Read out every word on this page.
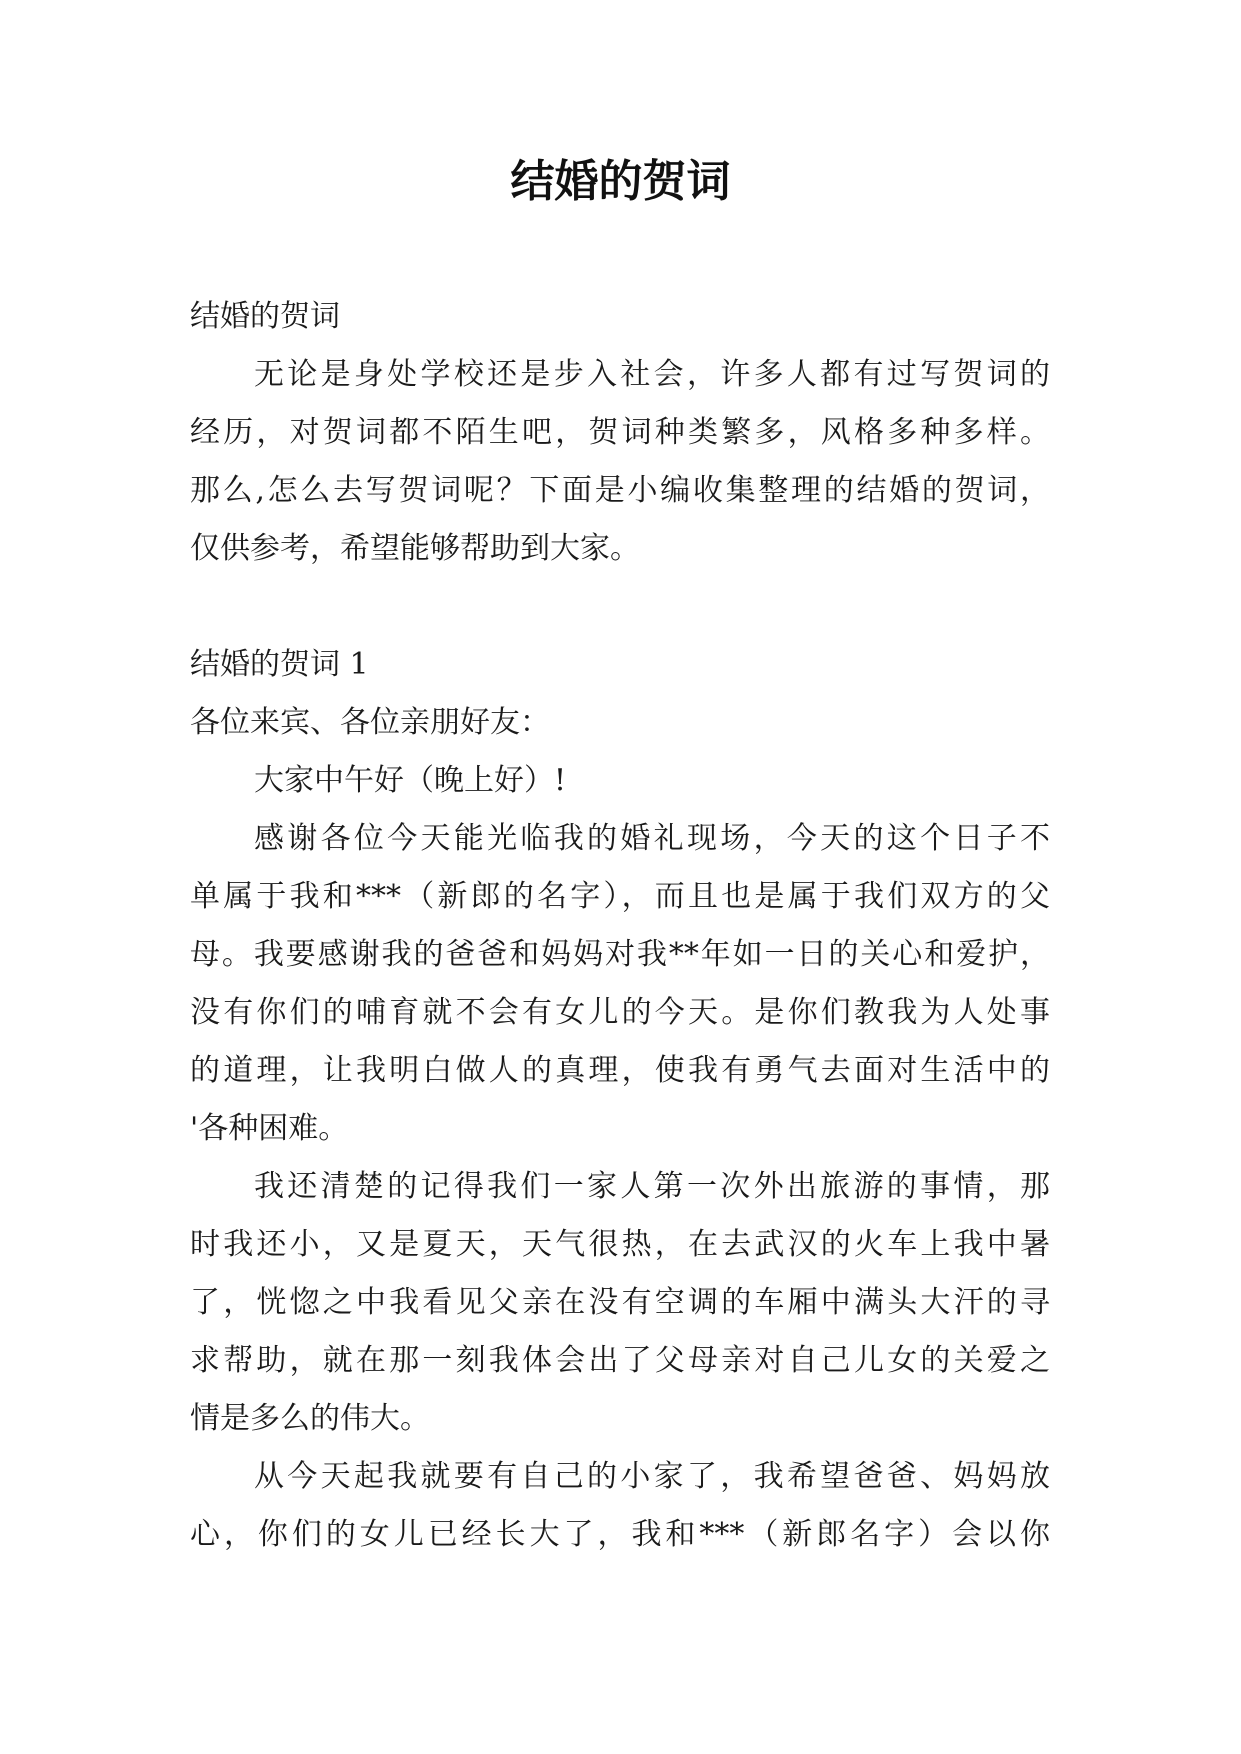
结婚的贺词
结婚的贺词
无论是身处学校还是步入社会，许多人都有过写贺词的
经历，对贺词都不陌生吧，贺词种类繁多，风格多种多样。
那么,怎么去写贺词呢？下面是小编收集整理的结婚的贺词，
仅供参考，希望能够帮助到大家。
结婚的贺词 1
各位来宾、各位亲朋好友：
大家中午好（晚上好）!
感谢各位今天能光临我的婚礼现场，今天的这个日子不
单属于我和***（新郎的名字），而且也是属于我们双方的父
母。我要感谢我的爸爸和妈妈对我**年如一日的关心和爱护，
没有你们的哺育就不会有女儿的今天。是你们教我为人处事
的道理，让我明白做人的真理，使我有勇气去面对生活中的
'各种困难。
我还清楚的记得我们一家人第一次外出旅游的事情，那
时我还小，又是夏天，天气很热，在去武汉的火车上我中暑
了，恍惚之中我看见父亲在没有空调的车厢中满头大汗的寻
求帮助，就在那一刻我体会出了父母亲对自己儿女的关爱之
情是多么的伟大。
从今天起我就要有自己的小家了，我希望爸爸、妈妈放
心，你们的女儿已经长大了，我和***（新郎名字）会以你
